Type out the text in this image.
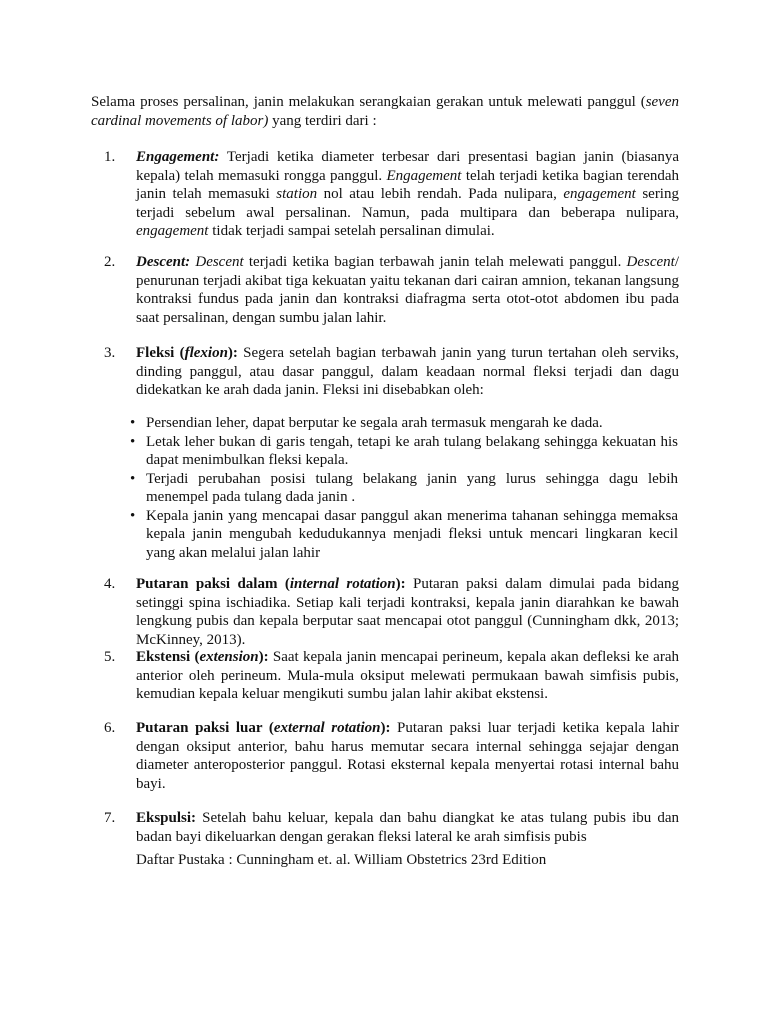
Selama proses persalinan, janin melakukan serangkaian gerakan untuk melewati panggul (seven cardinal movements of labor) yang terdiri dari :

1.	Engagement: Terjadi ketika diameter terbesar dari presentasi bagian janin (biasanya kepala) telah memasuki rongga panggul. Engagement telah terjadi ketika bagian terendah janin telah memasuki station nol atau lebih rendah. Pada nulipara, engagement sering terjadi sebelum awal persalinan. Namun, pada multipara dan beberapa nulipara, engagement tidak terjadi sampai setelah persalinan dimulai.
2.	Descent: Descent terjadi ketika bagian terbawah janin telah melewati panggul. Descent/ penurunan terjadi akibat tiga kekuatan yaitu tekanan dari cairan amnion, tekanan langsung kontraksi fundus pada janin dan kontraksi diafragma serta otot-otot abdomen ibu pada saat persalinan, dengan sumbu jalan lahir.
3.	Fleksi (flexion): Segera setelah bagian terbawah janin yang turun tertahan oleh serviks, dinding panggul, atau dasar panggul, dalam keadaan normal fleksi terjadi dan dagu didekatkan ke arah dada janin. Fleksi ini disebabkan oleh:
• Persendian leher, dapat berputar ke segala arah termasuk mengarah ke dada.
• Letak leher bukan di garis tengah, tetapi ke arah tulang belakang sehingga kekuatan his dapat menimbulkan fleksi kepala.
• Terjadi perubahan posisi tulang belakang janin yang lurus sehingga dagu lebih menempel pada tulang dada janin .
• Kepala janin yang mencapai dasar panggul akan menerima tahanan sehingga memaksa kepala janin mengubah kedudukannya menjadi fleksi untuk mencari lingkaran kecil yang akan melalui jalan lahir
4.	Putaran paksi dalam (internal rotation): Putaran paksi dalam dimulai pada bidang setinggi spina ischiadika. Setiap kali terjadi kontraksi, kepala janin diarahkan ke bawah lengkung pubis dan kepala berputar saat mencapai otot panggul (Cunningham dkk, 2013; McKinney, 2013).
5.	Ekstensi (extension): Saat kepala janin mencapai perineum, kepala akan defleksi ke arah anterior oleh perineum. Mula-mula oksiput melewati permukaan bawah simfisis pubis, kemudian kepala keluar mengikuti sumbu jalan lahir akibat ekstensi.
6.	Putaran paksi luar (external rotation): Putaran paksi luar terjadi ketika kepala lahir dengan oksiput anterior, bahu harus memutar secara internal sehingga sejajar dengan diameter anteroposterior panggul. Rotasi eksternal kepala menyertai rotasi internal bahu bayi.
7.	Ekspulsi: Setelah bahu keluar, kepala dan bahu diangkat ke atas tulang pubis ibu dan badan bayi dikeluarkan dengan gerakan fleksi lateral ke arah simfisis pubis
Daftar Pustaka : Cunningham et. al. William Obstetrics 23rd Edition
